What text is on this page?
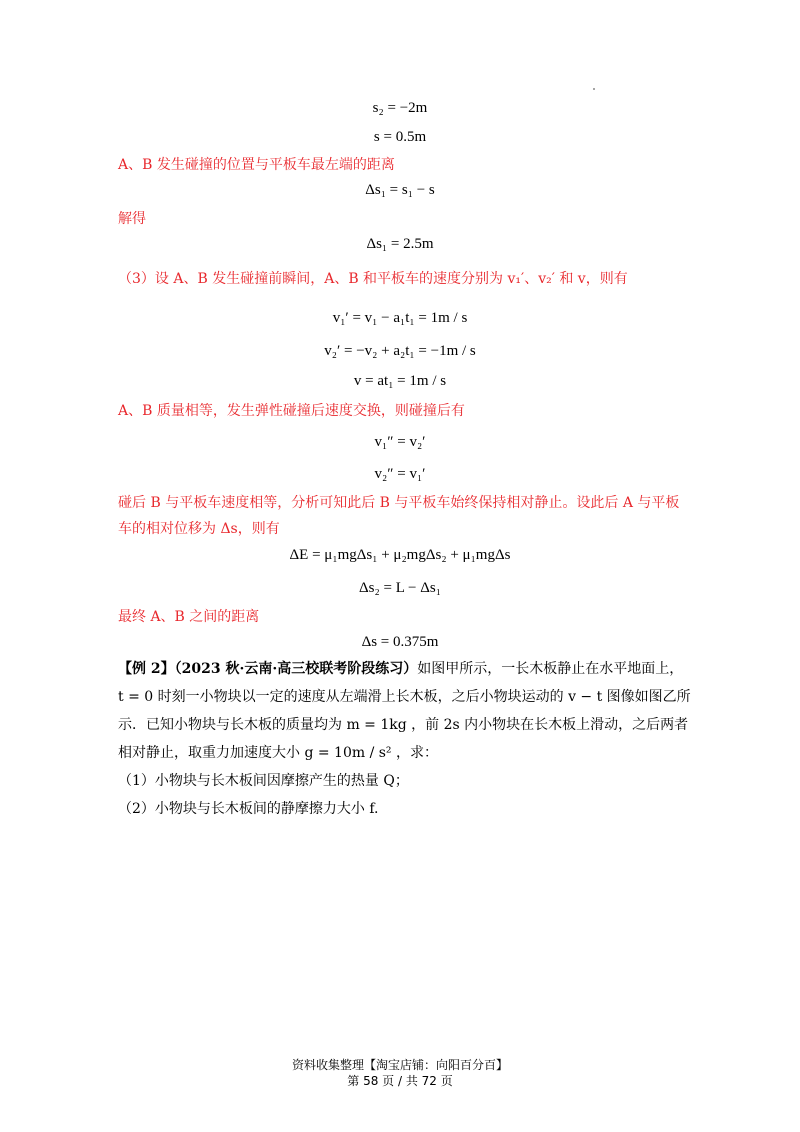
s₂ = −2m
s = 0.5m
A、B 发生碰撞的位置与平板车最左端的距离
Δs₁ = s₁ − s
解得
Δs₁ = 2.5m
（3）设 A、B 发生碰撞前瞬间，A、B 和平板车的速度分别为 v₁′、v₂′ 和 v，则有
v₁′ = v₁ − a₁t₁ = 1m / s
v₂′ = −v₂ + a₂t₁ = −1m / s
v = at₁ = 1m / s
A、B 质量相等，发生弹性碰撞后速度交换，则碰撞后有
v₁″ = v₂′
v₂″ = v₁′
碰后 B 与平板车速度相等，分析可知此后 B 与平板车始终保持相对静止。设此后 A 与平板
车的相对位移为 Δs，则有
ΔE = μ₁mgΔs₁ + μ₂mgΔs₂ + μ₁mgΔs
Δs₂ = L − Δs₁
最终 A、B 之间的距离
Δs = 0.375m
【例 2】（2023 秋·云南·高三校联考阶段练习）如图甲所示，一长木板静止在水平地面上，
t = 0 时刻一小物块以一定的速度从左端滑上长木板，之后小物块运动的 v − t 图像如图乙所
示．已知小物块与长木板的质量均为 m = 1kg ，前 2s 内小物块在长木板上滑动，之后两者
相对静止，取重力加速度大小 g = 10m / s² ，求：
（1）小物块与长木板间因摩擦产生的热量 Q；
（2）小物块与长木板间的静摩擦力大小 f.
资料收集整理【淘宝店铺：向阳百分百】
第 58 页 / 共 72 页
